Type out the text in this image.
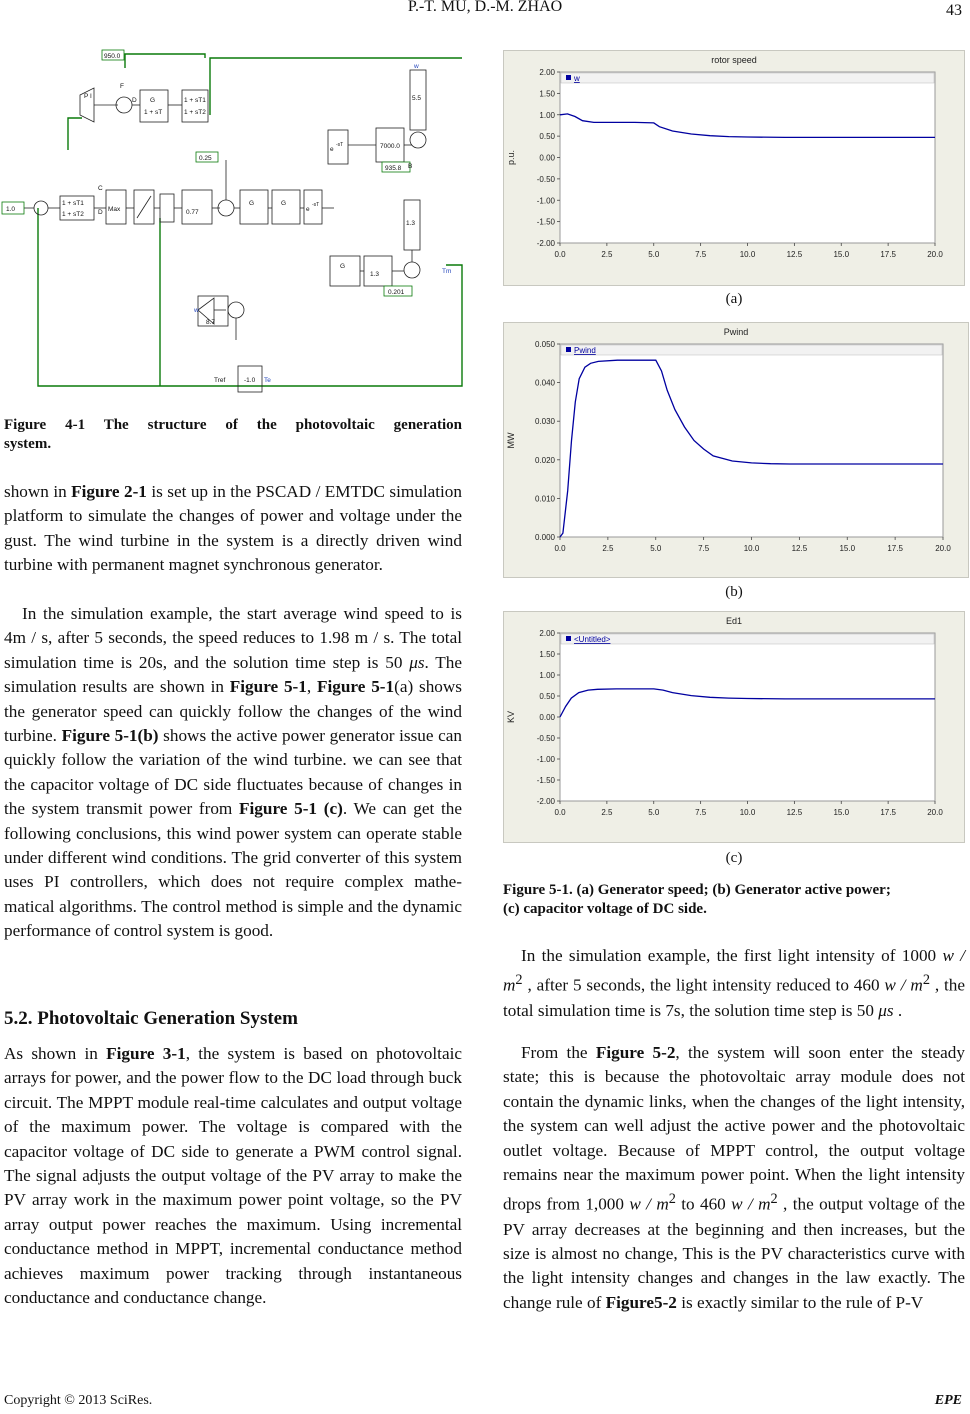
P.-T. MU, D.-M. ZHAO	43
950.0
P I
D G
1 + sT
1 + sT1
1 + sT2
1.0
1 + sT1
1 + sT2
Max
C
D
F
B
0.77
0.25
G	G
e
-sT
7000.0
935.8
w
5.5
1.3
e
-sT
G
1.3
0.201
Tm
w
8.7
-1.0
Tref	Te
Figure 4-1 The structure of the photovoltaic generation
system.
shown in Figure 2-1 is set up in the PSCAD / EMTDC simulation platform to simulate the changes of power and voltage under the gust. The wind turbine in the system is a directly driven wind turbine with permanent magnet synchronous generator.
In the simulation example, the start average wind speed to is 4m / s, after 5 seconds, the speed reduces to 1.98 m / s. The total simulation time is 20s, and the solution time step is 50 μs. The simulation results are shown in Figure 5-1, Figure 5-1(a) shows the generator speed can quickly follow the changes of the wind turbine. Figure 5-1(b) shows the active power generator issue can quickly follow the variation of the wind turbine. we can see that the capacitor voltage of DC side fluctuates because of changes in the system transmit power from Figure 5-1 (c). We can get the following conclusions, this wind power system can operate stable under different wind conditions. The grid converter of this system uses PI controllers, which does not require complex mathe-matical algorithms. The control method is simple and the dynamic performance of control system is good.
5.2. Photovoltaic Generation System
As shown in Figure 3-1, the system is based on photovoltaic arrays for power, and the power flow to the DC load through buck circuit. The MPPT module real-time calculates and output voltage of the maximum power. The voltage is compared with the capacitor voltage of DC side to generate a PWM control signal. The signal adjusts the output voltage of the PV array to make the PV array work in the maximum power point voltage, so the PV array output power reaches the maximum. Using incremental conductance method in MPPT, incremental conductance method achieves maximum power tracking through instantaneous conductance and conductance change.
rotor speed
2.00
1.50
1.00
0.50
0.00
-0.50
-1.00
-1.50
-2.00
0.0	2.5	5.0	7.5	10.0	12.5	15.0	17.5	20.0
p.u.
w
(a)
Pwind
0.050
0.040
0.030
0.020
0.010
0.000
0.0	2.5	5.0	7.5	10.0	12.5	15.0	17.5	20.0
MW
Pwind
(b)
Ed1
2.00
1.50
1.00
0.50
0.00
-0.50
-1.00
-1.50
-2.00
0.0	2.5	5.0	7.5	10.0	12.5	15.0	17.5	20.0
KV
<Untitled>
(c)
Figure 5-1. (a) Generator speed; (b) Generator active power;
(c) capacitor voltage of DC side.
In the simulation example, the first light intensity of 1000 w / $m^2$ , after 5 seconds, the light intensity reduced to 460 w / $m^2$ , the total simulation time is 7s, the solution time step is 50 μs .
From the Figure 5-2, the system will soon enter the steady state; this is because the photovoltaic array module does not contain the dynamic links, when the changes of the light intensity, the system can well adjust the active power and the photovoltaic outlet voltage. Because of MPPT control, the output voltage remains near the maximum power point. When the light intensity drops from 1,000 w / $m^2$ to 460 w / $m^2$ , the output voltage of the PV array decreases at the beginning and then increases, but the size is almost no change, This is the PV characteristics curve with the light intensity changes and changes in the law exactly. The change rule of Figure5-2 is exactly similar to the rule of P-V
Copyright © 2013 SciRes.	EPE
